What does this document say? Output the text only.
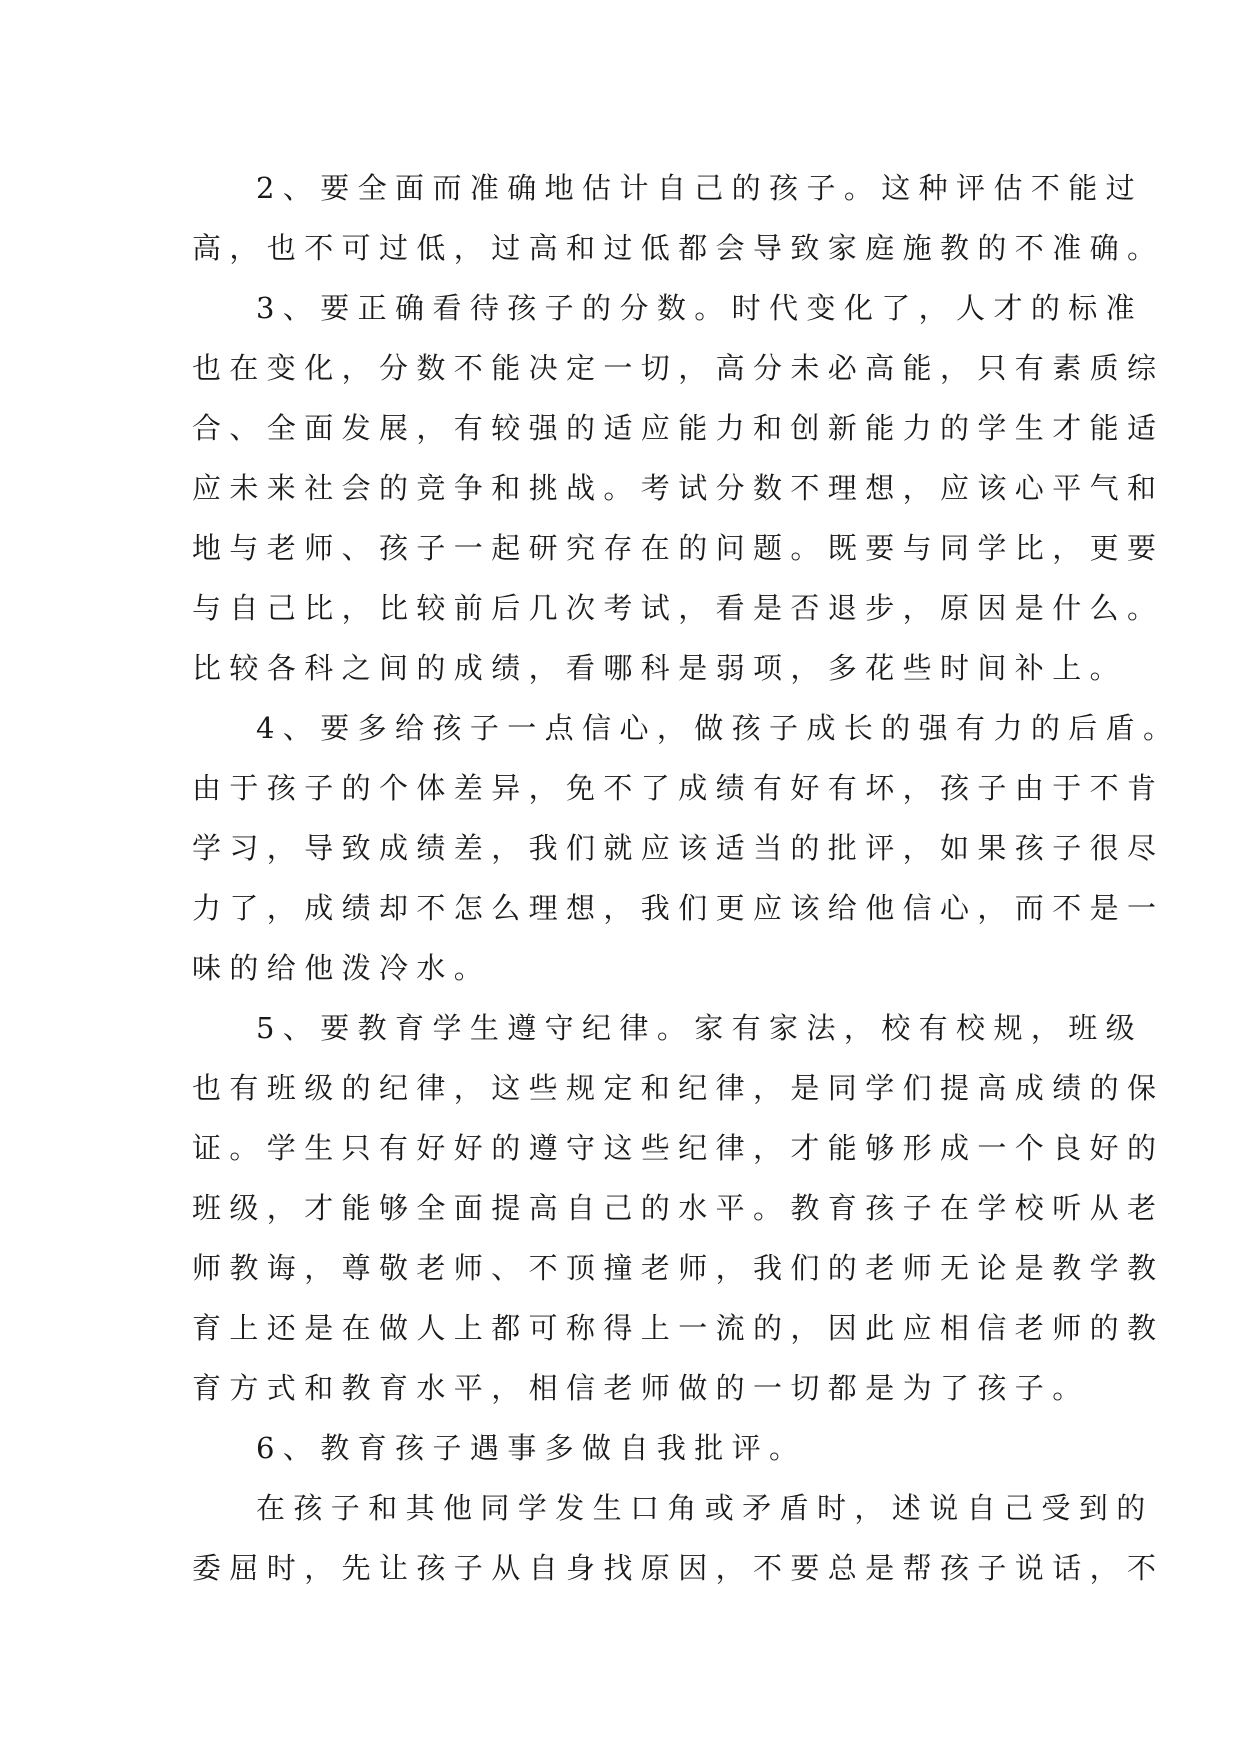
2、要全面而准确地估计自己的孩子。这种评估不能过
高，也不可过低，过高和过低都会导致家庭施教的不准确。
3、要正确看待孩子的分数。时代变化了，人才的标准
也在变化，分数不能决定一切，高分未必高能，只有素质综
合、全面发展，有较强的适应能力和创新能力的学生才能适
应未来社会的竞争和挑战。考试分数不理想，应该心平气和
地与老师、孩子一起研究存在的问题。既要与同学比，更要
与自己比，比较前后几次考试，看是否退步，原因是什么。
比较各科之间的成绩，看哪科是弱项，多花些时间补上。
4、要多给孩子一点信心，做孩子成长的强有力的后盾。
由于孩子的个体差异，免不了成绩有好有坏，孩子由于不肯
学习，导致成绩差，我们就应该适当的批评，如果孩子很尽
力了，成绩却不怎么理想，我们更应该给他信心，而不是一
味的给他泼冷水。
5、要教育学生遵守纪律。家有家法，校有校规，班级
也有班级的纪律，这些规定和纪律，是同学们提高成绩的保
证。学生只有好好的遵守这些纪律，才能够形成一个良好的
班级，才能够全面提高自己的水平。教育孩子在学校听从老
师教诲，尊敬老师、不顶撞老师，我们的老师无论是教学教
育上还是在做人上都可称得上一流的，因此应相信老师的教
育方式和教育水平，相信老师做的一切都是为了孩子。
6、教育孩子遇事多做自我批评。
在孩子和其他同学发生口角或矛盾时，述说自己受到的
委屈时，先让孩子从自身找原因，不要总是帮孩子说话，不
